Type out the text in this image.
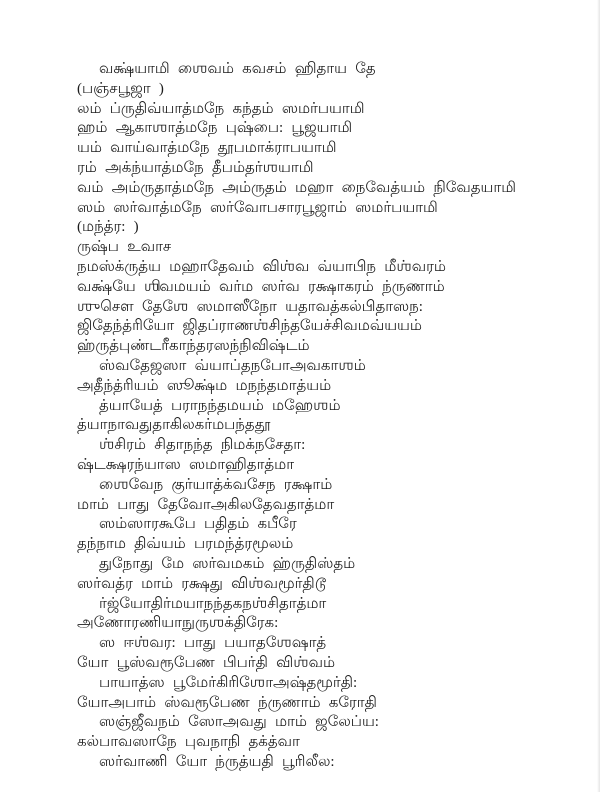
வக்ஷ்யாமி ஶைவம் கவசம் ஹிதாய தே
(பஞ்சபூஜா )
லம் ப்ருதிவ்யாத்மநே கந்தம் ஸமர்பயாமி
ஹம் ஆகாஶாத்மநே புஷ்பை: பூஜயாமி
யம் வாய்வாத்மநே தூபமாக்ராபயாமி
ரம் அக்ந்யாத்மநே தீபம்தர்ஶயாமி
வம் அம்ருதாத்மநே அம்ருதம் மஹா நைவேத்யம் நிவேதயாமி
ஸம் ஸர்வாத்மநே ஸர்வோபசாரபூஜாம் ஸமர்பயாமி
(மந்த்ர: )
ருஷ்ப உவாச
நமஸ்க்ருத்ய மஹாதேவம் விஶ்வ வ்யாபிந மீஶ்வரம்
வக்ஷ்யே ஶிவமயம் வர்ம ஸர்வ ரக்ஷாகரம் ந்ருணாம்
ஶுசௌ தேஶே ஸமாஸீநோ யதாவத்கல்பிதாஸந:
ஜிதேந்த்ரியோ ஜிதப்ராணஶ்சிந்தயேச்சிவமவ்யயம்
ஹ்ருத்புண்டரீகாந்தரஸந்நிவிஷ்டம்
ஸ்வதேஜஸா வ்யாப்தநபோஅவகாஶம்
அதீந்த்ரியம் ஸூக்ஷ்ம மநந்தமாத்யம்
த்யாயேத் பராநந்தமயம் மஹேஶம்
த்யாநாவதுதாகிலகர்மபந்ததூ
ஶ்சிரம் சிதாநந்த நிமக்நசேதா:
ஷ்டக்ஷரந்யாஸ ஸமாஹிதாத்மா
ஶைவேந குர்யாத்க்வசேந ரக்ஷாம்
மாம் பாது தேவோஅகிலதேவதாத்மா
ஸம்ஸாரகூபே பதிதம் கபீரே
தந்நாம திவ்யம் பரமந்த்ரமூலம்
துநோது மே ஸர்வமகம் ஹ்ருதிஸ்தம்
ஸர்வத்ர மாம் ரக்ஷது விஶ்வமூர்திடூ
ர்ஜ்யோதிர்மயாநந்தகநஶ்சிதாத்மா
அணோரணியாநுருஶக்திரேக:
ஸ ஈஶ்வர: பாது பயாதஶேஷாத்
யோ பூஸ்வரூபேண பிபர்தி விஶ்வம்
பாயாத்ஸ பூமேர்கிரிஶோஅஷ்தமூர்தி:
யோஅபாம் ஸ்வரூபேண ந்ருணாம் கரோதி
ஸஞ்ஜீவநம் ஸோஅவது மாம் ஜலேப்ய:
கல்பாவஸாநே புவநாநி தக்த்வா
ஸர்வாணி யோ ந்ருத்யதி பூரிலீல:
